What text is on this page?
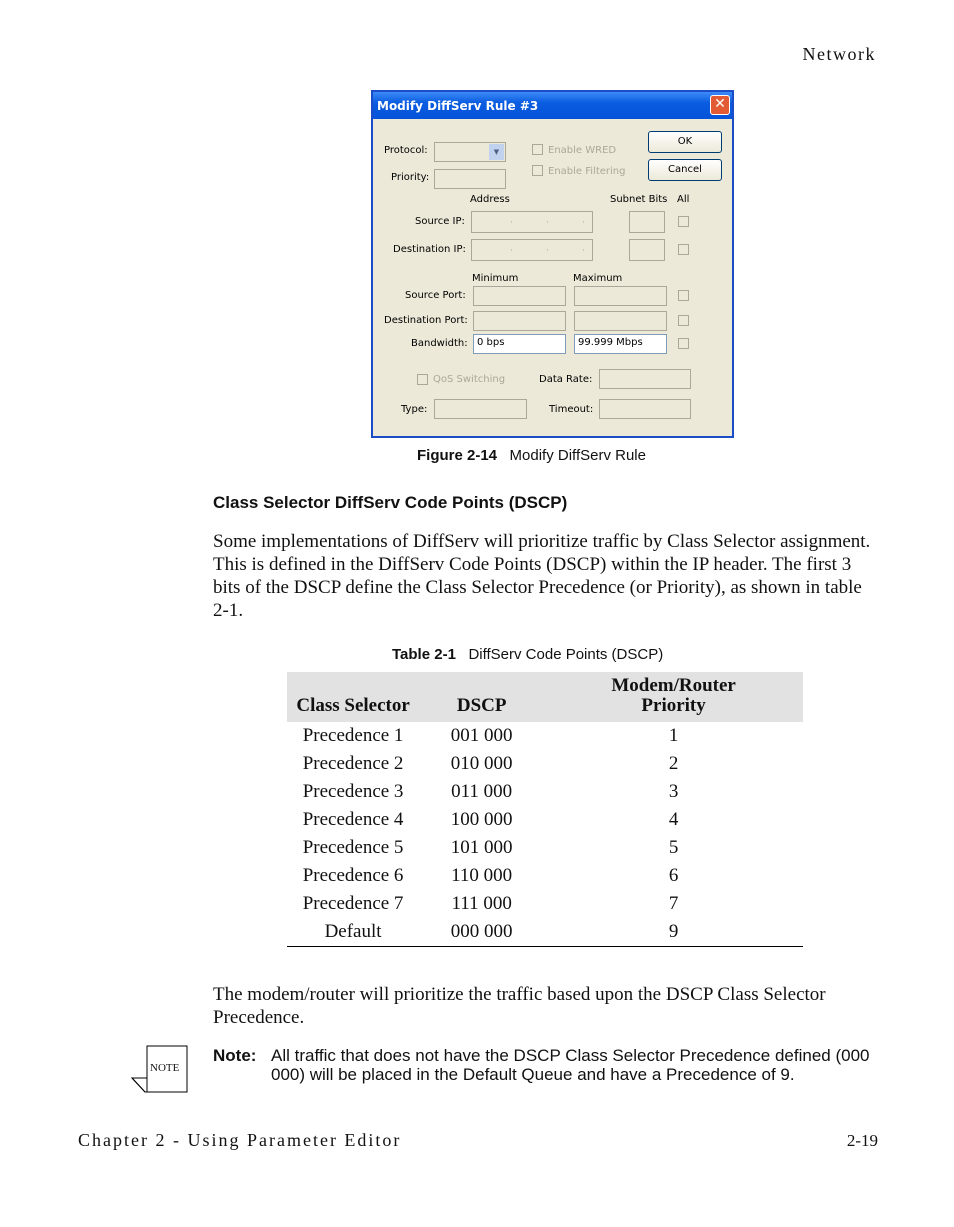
Network
Modify DiffServ Rule #3	✕
Protocol:	▼
Priority:
Enable WRED
Enable Filtering
OK
Cancel
Address	Subnet Bits All
Source IP:	·	·	·
Destination IP:	·	·	·
Minimum	Maximum
Source Port:
Destination Port:
Bandwidth: 0 bps	99.999 Mbps
QoS Switching	Data Rate:
Type:	Timeout:
Figure 2-14 Modify DiffServ Rule
Class Selector DiffServ Code Points (DSCP)
Some implementations of DiffServ will prioritize traffic by Class Selector assignment. This is defined in the DiffServ Code Points (DSCP) within the IP header. The first 3 bits of the DSCP define the Class Selector Precedence (or Priority), as shown in table 2-1.
Table 2-1 DiffServ Code Points (DSCP)
Class Selector	DSCP	Modem/Router Priority
Precedence 1	001 000	1
Precedence 2	010 000	2
Precedence 3	011 000	3
Precedence 4	100 000	4
Precedence 5	101 000	5
Precedence 6	110 000	6
Precedence 7	111 000	7
Default	000 000	9
The modem/router will prioritize the traffic based upon the DSCP Class Selector Precedence.
NOTE
Note: All traffic that does not have the DSCP Class Selector Precedence defined (000 000) will be placed in the Default Queue and have a Precedence of 9.
Chapter 2 - Using Parameter Editor	2-19
